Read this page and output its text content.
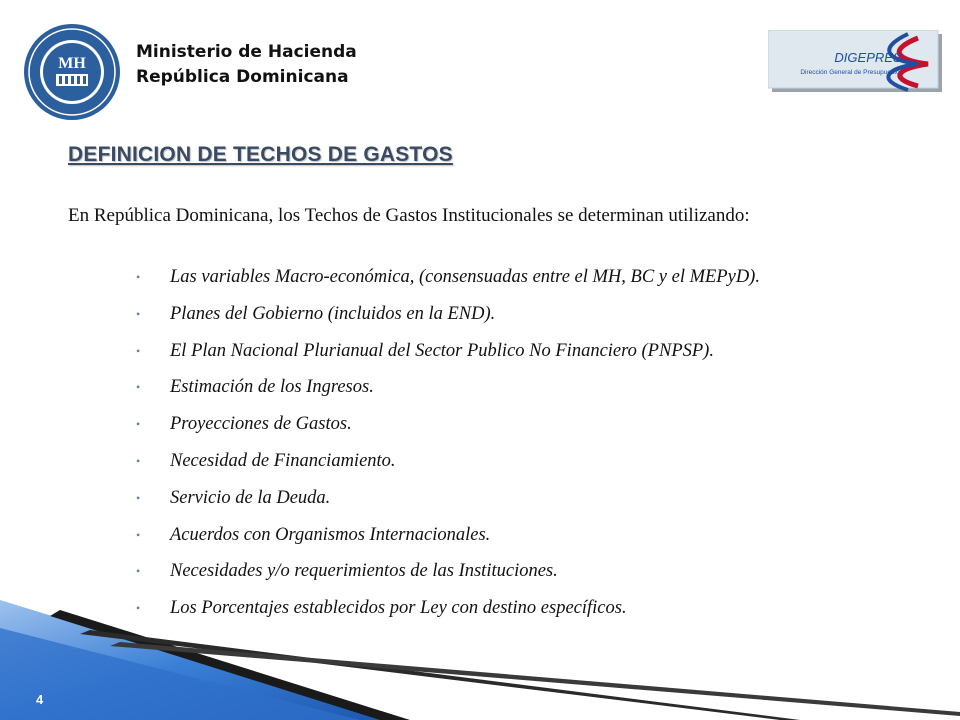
MH
Ministerio de Hacienda
República Dominicana
DIGEPRES
Dirección General de Presupuesto
DEFINICION DE TECHOS DE GASTOS
En República Dominicana, los Techos de Gastos Institucionales se determinan utilizando:
• Las variables Macro-económica, (consensuadas entre el MH, BC y el MEPyD).
• Planes del Gobierno (incluidos en la END).
• El Plan Nacional Plurianual del Sector Publico No Financiero (PNPSP).
• Estimación de los Ingresos.
• Proyecciones de Gastos.
• Necesidad de Financiamiento.
• Servicio de la Deuda.
• Acuerdos con Organismos Internacionales.
• Necesidades y/o requerimientos de las Instituciones.
• Los Porcentajes establecidos por Ley con destino específicos.
4
